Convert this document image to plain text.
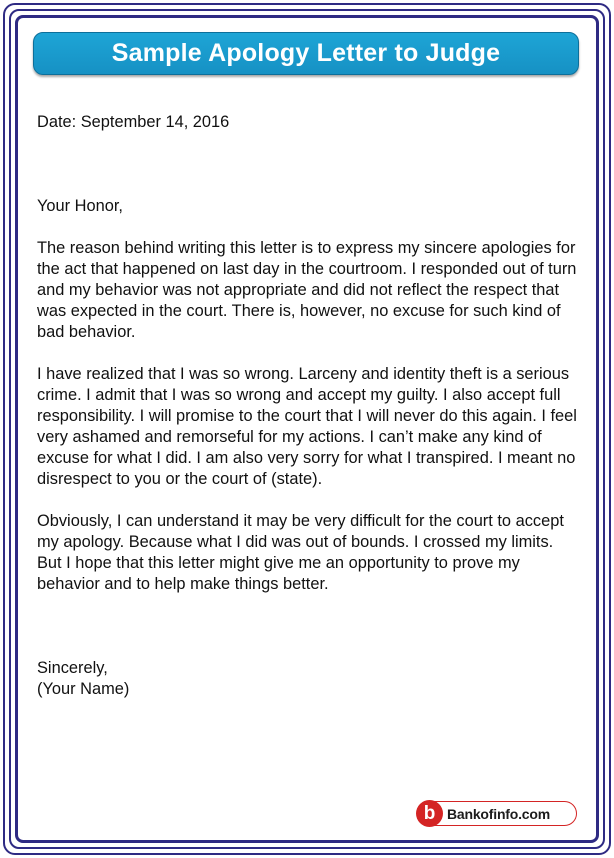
Sample Apology Letter to Judge

Date: September 14, 2016

Your Honor,

The reason behind writing this letter is to express my sincere apologies for the act that happened on last day in the courtroom. I responded out of turn and my behavior was not appropriate and did not reflect the respect that was expected in the court. There is, however, no excuse for such kind of bad behavior.

I have realized that I was so wrong. Larceny and identity theft is a serious crime. I admit that I was so wrong and accept my guilty. I also accept full responsibility. I will promise to the court that I will never do this again. I feel very ashamed and remorseful for my actions. I can’t make any kind of excuse for what I did. I am also very sorry for what I transpired. I meant no disrespect to you or the court of (state).

Obviously, I can understand it may be very difficult for the court to accept my apology. Because what I did was out of bounds. I crossed my limits. But I hope that this letter might give me an opportunity to prove my behavior and to help make things better.

Sincerely,

(Your Name)

b Bankofinfo.com
